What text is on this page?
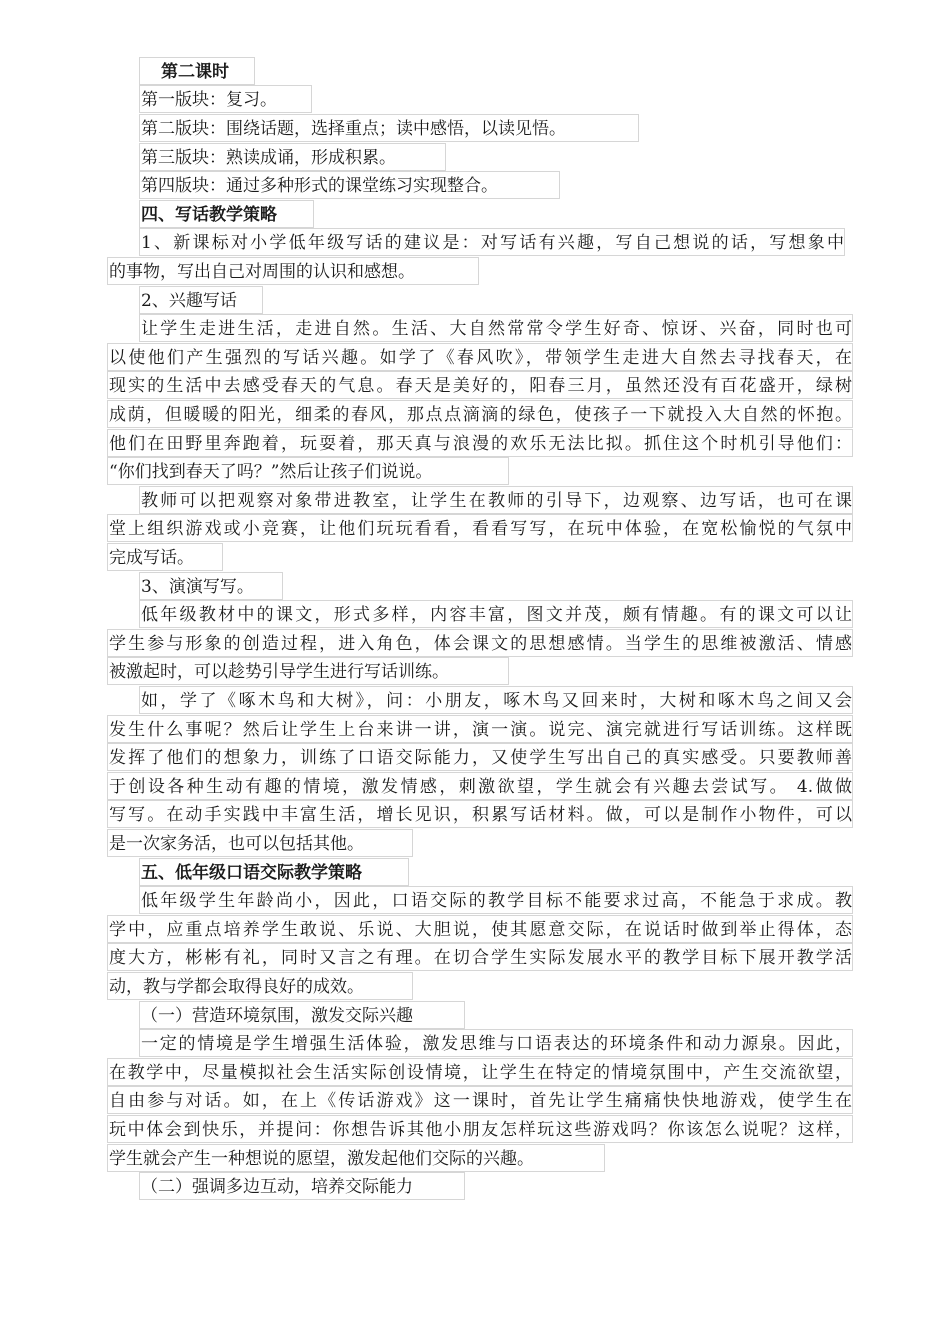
第二课时
第一版块：复习。
第二版块：围绕话题，选择重点；读中感悟，以读见悟。
第三版块：熟读成诵，形成积累。
第四版块：通过多种形式的课堂练习实现整合。
四、写话教学策略
1、新课标对小学低年级写话的建议是：对写话有兴趣，写自己想说的话，写想象中
的事物，写出自己对周围的认识和感想。
2、兴趣写话
让学生走进生活，走进自然。生活、大自然常常令学生好奇、惊讶、兴奋，同时也可
以使他们产生强烈的写话兴趣。如学了《春风吹》，带领学生走进大自然去寻找春天，在
现实的生活中去感受春天的气息。春天是美好的，阳春三月，虽然还没有百花盛开，绿树
成荫，但暖暖的阳光，细柔的春风，那点点滴滴的绿色，使孩子一下就投入大自然的怀抱。
他们在田野里奔跑着，玩耍着，那天真与浪漫的欢乐无法比拟。抓住这个时机引导他们：
“你们找到春天了吗？”然后让孩子们说说。
教师可以把观察对象带进教室，让学生在教师的引导下，边观察、边写话，也可在课
堂上组织游戏或小竞赛，让他们玩玩看看，看看写写，在玩中体验，在宽松愉悦的气氛中
完成写话。
3、演演写写。
低年级教材中的课文，形式多样，内容丰富，图文并茂，颇有情趣。有的课文可以让
学生参与形象的创造过程，进入角色，体会课文的思想感情。当学生的思维被激活、情感
被激起时，可以趁势引导学生进行写话训练。
如，学了《啄木鸟和大树》，问：小朋友，啄木鸟又回来时，大树和啄木鸟之间又会
发生什么事呢？然后让学生上台来讲一讲，演一演。说完、演完就进行写话训练。这样既
发挥了他们的想象力，训练了口语交际能力，又使学生写出自己的真实感受。只要教师善
于创设各种生动有趣的情境，激发情感，刺激欲望，学生就会有兴趣去尝试写。 4.做做
写写。在动手实践中丰富生活，增长见识，积累写话材料。做，可以是制作小物件，可以
是一次家务活，也可以包括其他。
五、低年级口语交际教学策略
低年级学生年龄尚小，因此，口语交际的教学目标不能要求过高，不能急于求成。教
学中，应重点培养学生敢说、乐说、大胆说，使其愿意交际，在说话时做到举止得体，态
度大方，彬彬有礼，同时又言之有理。在切合学生实际发展水平的教学目标下展开教学活
动，教与学都会取得良好的成效。
（一）营造环境氛围，激发交际兴趣
一定的情境是学生增强生活体验，激发思维与口语表达的环境条件和动力源泉。因此，
在教学中，尽量模拟社会生活实际创设情境，让学生在特定的情境氛围中，产生交流欲望，
自由参与对话。如，在上《传话游戏》这一课时，首先让学生痛痛快快地游戏，使学生在
玩中体会到快乐，并提问：你想告诉其他小朋友怎样玩这些游戏吗？你该怎么说呢？这样，
学生就会产生一种想说的愿望，激发起他们交际的兴趣。
（二）强调多边互动，培养交际能力
